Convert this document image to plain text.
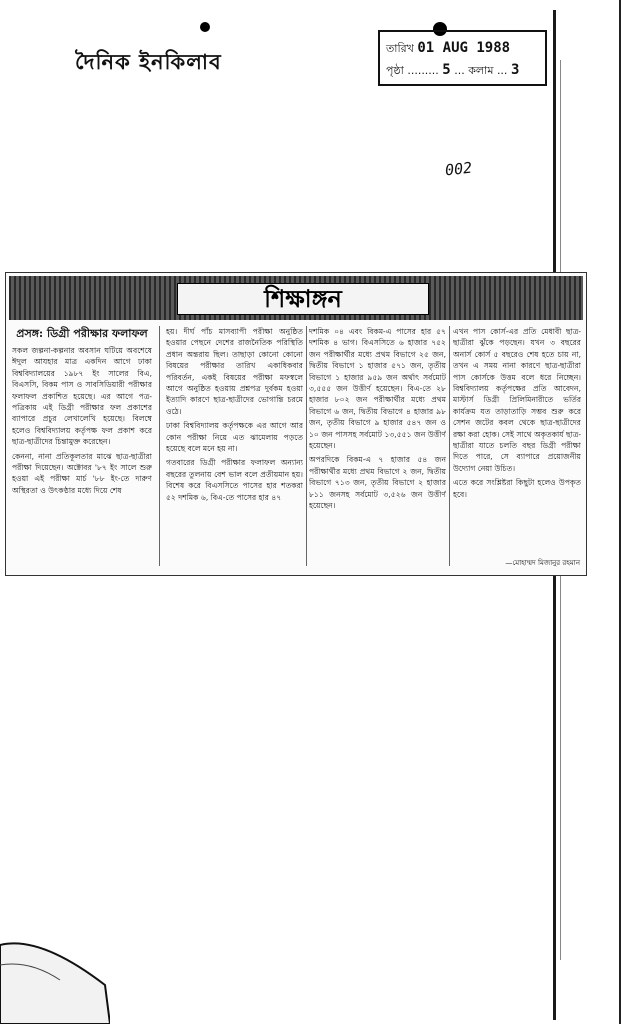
দৈনিক ইনকিলাব
তারিখ 01 AUG 1988
পৃষ্ঠা ......... 5 ... কলাম ... 3
002
শিক্ষাঙ্গন
প্রসঙ্গ: ডিগ্রী পরীক্ষার ফলাফল

সকল জল্পনা-কল্পনার অবসান ঘটিয়ে অবশেষে ঈদুল আযহার মাত্র একদিন আগে ঢাকা বিশ্ববিদ্যালয়ের ১৯৮৭ ইং সালের বিএ, বিএসসি, বিকম পাস ও সাবসিডিয়ারী পরীক্ষার ফলাফল প্রকাশিত হয়েছে। এর আগে পত্র-পত্রিকায় এই ডিগ্রী পরীক্ষার ফল প্রকাশের ব্যাপারে প্রচুর লেখালেখি হয়েছে। বিলম্বে হলেও বিশ্ববিদ্যালয় কর্তৃপক্ষ ফল প্রকাশ করে ছাত্র-ছাত্রীদের চিন্তামুক্ত করেছেন।

কেননা, নানা প্রতিকূলতার মাঝে ছাত্র-ছাত্রীরা পরীক্ষা দিয়েছেন। অক্টোবর '৮৭ ইং সালে শুরু হওয়া এই পরীক্ষা মার্চ '৮৮ ইং-তে দারুণ অস্থিরতা ও উৎকণ্ঠার মধ্যে দিয়ে শেষ

হয়। দীর্ঘ পাঁচ মাসব্যাপী পরীক্ষা অনুষ্ঠিত হওয়ার পেছনে দেশের রাজনৈতিক পরিস্থিতি প্রধান অন্তরায় ছিল। তাছাড়া কোনো কোনো বিষয়ের পরীক্ষার তারিখ একাধিকবার পরিবর্তন, একই বিষয়ের পরীক্ষা মফস্বলে আগে অনুষ্ঠিত হওয়ায় প্রশ্নপত্র দুর্বকম হওয়া ইত্যাদি কারণে ছাত্র-ছাত্রীদের ভোগান্তি চরমে ওঠে।

ঢাকা বিশ্ববিদ্যালয় কর্তৃপক্ষকে এর আগে আর কোন পরীক্ষা নিয়ে এত ঝামেলায় পড়তে হয়েছে বলে মনে হয় না।

গতবারের ডিগ্রী পরীক্ষার ফলাফল অন্যান্য বছরের তুলনায় বেশ ভাল বলে প্রতীয়মান হয়। বিশেষ করে বিএসসিতে পাসের হার শতকরা ৫২ দশমিক ৬, বিএ-তে পাসের হার ৪৭

দশমিক ০৪ এবং বিকম-এ পাসের হার ৫৭ দশমিক ৪ ভাগ। বিএসসিতে ৬ হাজার ৭৫২ জন পরীক্ষার্থীর মধ্যে প্রথম বিভাগে ২৫ জন, দ্বিতীয় বিভাগে ১ হাজার ৫৭১ জন, তৃতীয় বিভাগে ১ হাজার ৯৫৯ জন অর্থাৎ সর্বমোট ৩,৫৫৫ জন উত্তীর্ণ হয়েছেন। বিএ-তে ২৮ হাজার ৮০২ জন পরীক্ষার্থীর মধ্যে প্রথম বিভাগে ৬ জন, দ্বিতীয় বিভাগে ৪ হাজার ৯৮ জন, তৃতীয় বিভাগে ৯ হাজার ৫৪৭ জন ও ১০ জন পাসসহ সর্বমোট ১৩,৫৫১ জন উত্তীর্ণ হয়েছেন।

অপরদিকে বিকম-এ ৭ হাজার ৫৪ জন পরীক্ষার্থীর মধ্যে প্রথম বিভাগে ২ জন, দ্বিতীয় বিভাগে ৭১৩ জন, তৃতীয় বিভাগে ২ হাজার ৮১১ জনসহ সর্বমোট ৩,৫২৬ জন উত্তীর্ণ হয়েছেন।

এখন পাস কোর্স-এর প্রতি মেধাবী ছাত্র-ছাত্রীরা ঝুঁকে পড়ছেন। যখন ৩ বছরের অনার্স কোর্স ৫ বছরেও শেষ হতে চায় না, তখন এ সময় নানা কারণে ছাত্র-ছাত্রীরা পাস কোর্সকে উত্তম বলে ধরে নিচ্ছেন। বিশ্ববিদ্যালয় কর্তৃপক্ষের প্রতি আবেদন, মাস্টার্স ডিগ্রী প্রিলিমিনারীতে ভর্তির কার্যক্রম যত তাড়াতাড়ি সম্ভব শুরু করে সেশন জটের কবল থেকে ছাত্র-ছাত্রীদের রক্ষা করা হোক। সেই সাথে অকৃতকার্য ছাত্র-ছাত্রীরা যাতে চলতি বছর ডিগ্রী পরীক্ষা দিতে পারে, সে ব্যাপারে প্রয়োজনীয় উদ্যোগ নেয়া উচিত।

এতে করে সংশ্লিষ্টরা কিছুটা হলেও উপকৃত হবে।

—মোহাম্মদ মিজানুর রহমান
